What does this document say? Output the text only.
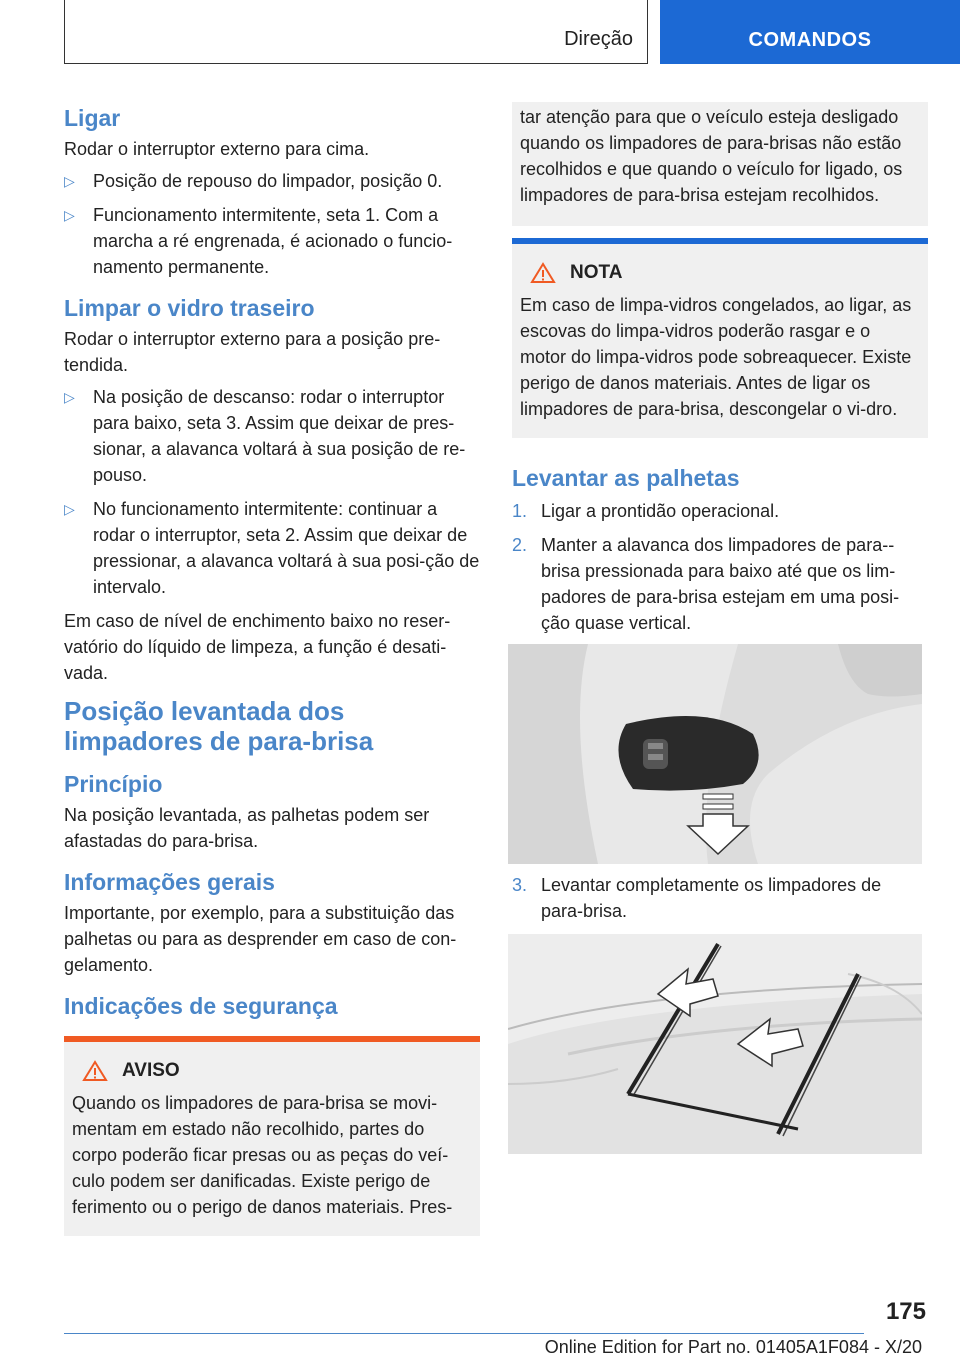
Direção	COMANDOS
Ligar

Rodar o interruptor externo para cima.

▷ Posição de repouso do limpador, posição 0.
▷ Funcionamento intermitente, seta 1. Com a marcha a ré engrenada, é acionado o funcio-namento permanente.
Limpar o vidro traseiro

Rodar o interruptor externo para a posição pre-tendida.

▷ Na posição de descanso: rodar o interruptor para baixo, seta 3. Assim que deixar de pres-sionar, a alavanca voltará à sua posição de re-pouso.
▷ No funcionamento intermitente: continuar a rodar o interruptor, seta 2. Assim que deixar de pressionar, a alavanca voltará à sua posi-ção de intervalo.

Em caso de nível de enchimento baixo no reser-vatório do líquido de limpeza, a função é desati-vada.

Posição levantada dos limpadores de para-brisa
Princípio

Na posição levantada, as palhetas podem ser afastadas do para-brisa.

Informações gerais

Importante, por exemplo, para a substituição das palhetas ou para as desprender em caso de con-gelamento.

Indicações de segurança
AVISO
Quando os limpadores de para-brisa se movi-mentam em estado não recolhido, partes do corpo poderão ficar presas ou as peças do veí-culo podem ser danificadas. Existe perigo de ferimento ou o perigo de danos materiais. Pres-
tar atenção para que o veículo esteja desligado quando os limpadores de para-brisas não estão recolhidos e que quando o veículo for ligado, os limpadores de para-brisa estejam recolhidos.
NOTA
Em caso de limpa-vidros congelados, ao ligar, as escovas do limpa-vidros poderão rasgar e o motor do limpa-vidros pode sobreaquecer. Existe perigo de danos materiais. Antes de ligar os limpadores de para-brisa, descongelar o vi-dro.
Levantar as palhetas
1. Ligar a prontidão operacional.
2. Manter a alavanca dos limpadores de para--brisa pressionada para baixo até que os lim-padores de para-brisa estejam em uma posi-ção quase vertical.
3. Levantar completamente os limpadores de para-brisa.
175
Online Edition for Part no. 01405A1F084 - X/20
